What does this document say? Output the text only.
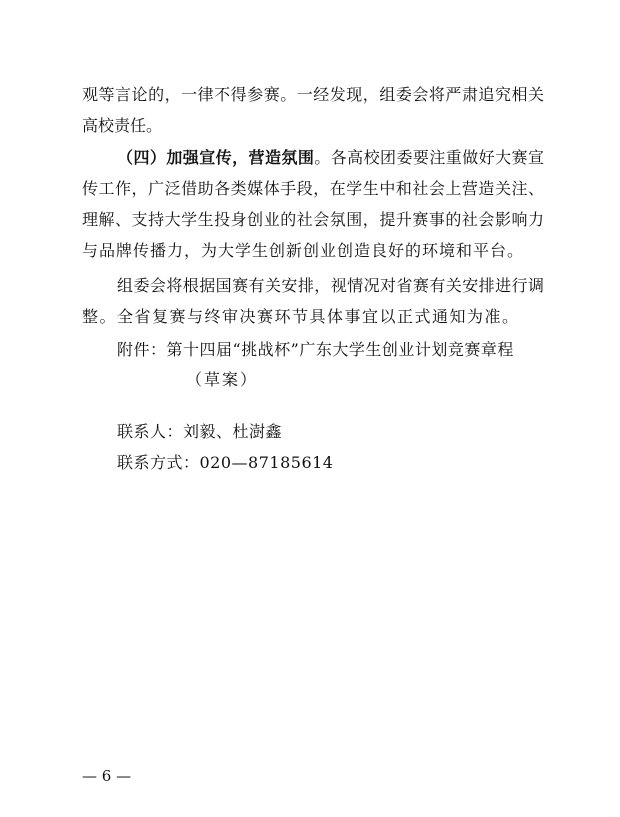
观等言论的，一律不得参赛。一经发现，组委会将严肃追究相关
高校责任。
（四）加强宣传，营造氛围。各高校团委要注重做好大赛宣
传工作，广泛借助各类媒体手段，在学生中和社会上营造关注、
理解、支持大学生投身创业的社会氛围，提升赛事的社会影响力
与品牌传播力，为大学生创新创业创造良好的环境和平台。
组委会将根据国赛有关安排，视情况对省赛有关安排进行调
整。全省复赛与终审决赛环节具体事宜以正式通知为准。
附件：第十四届“挑战杯”广东大学生创业计划竞赛章程
（草案）
联系人：刘毅、杜澍鑫
联系方式：020—87185614
— 6 —
